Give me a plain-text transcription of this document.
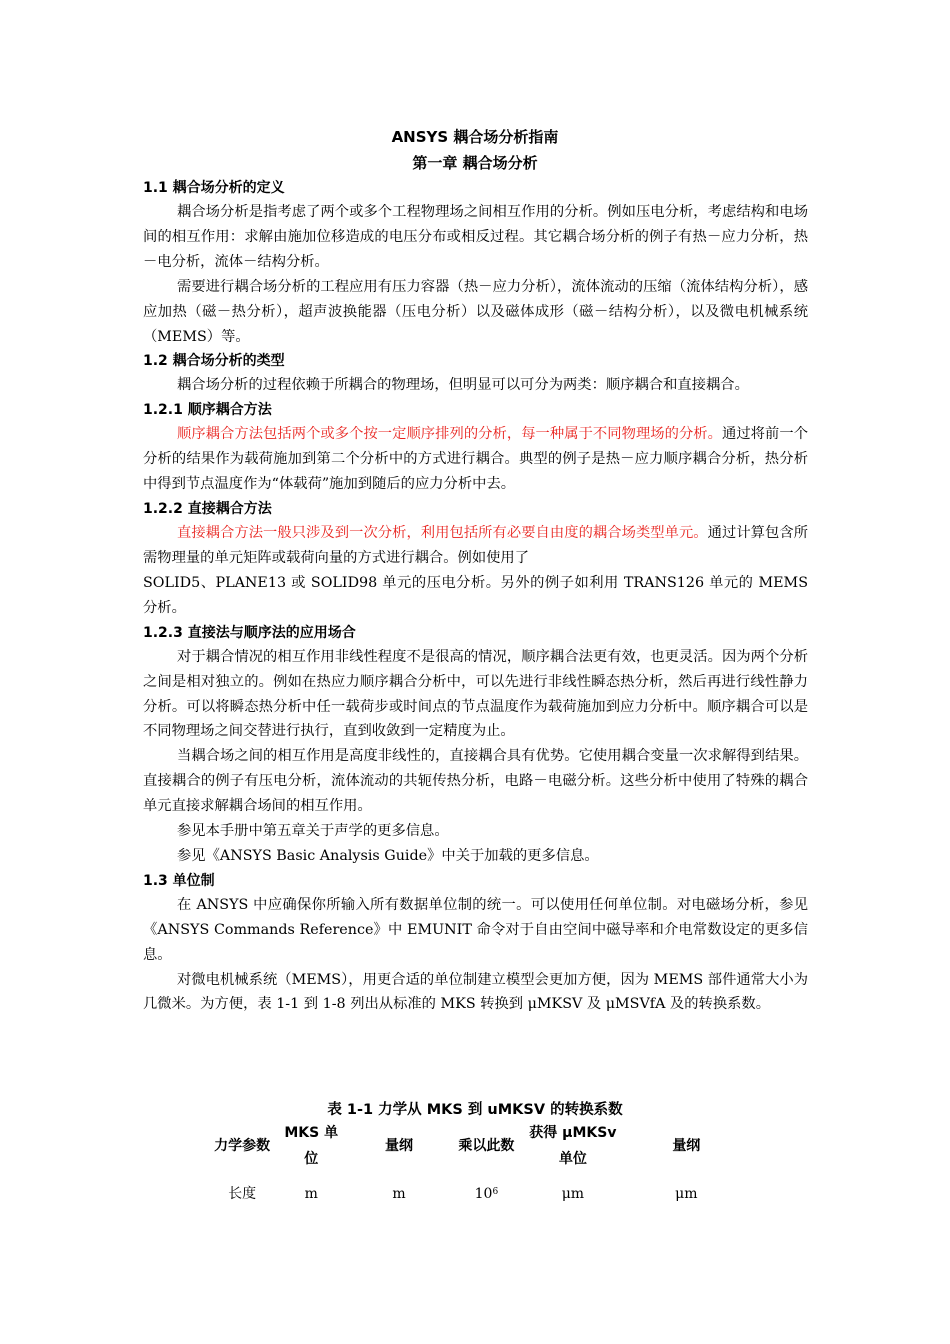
ANSYS 耦合场分析指南
第一章 耦合场分析
1.1 耦合场分析的定义

耦合场分析是指考虑了两个或多个工程物理场之间相互作用的分析。例如压电分析，考虑结构和电场间的相互作用：求解由施加位移造成的电压分布或相反过程。其它耦合场分析的例子有热－应力分析，热－电分析，流体－结构分析。

需要进行耦合场分析的工程应用有压力容器（热－应力分析），流体流动的压缩（流体结构分析），感应加热（磁－热分析），超声波换能器（压电分析）以及磁体成形（磁－结构分析），以及微电机械系统（MEMS）等。

1.2 耦合场分析的类型

耦合场分析的过程依赖于所耦合的物理场，但明显可以可分为两类：顺序耦合和直接耦合。

1.2.1 顺序耦合方法

顺序耦合方法包括两个或多个按一定顺序排列的分析，每一种属于不同物理场的分析。通过将前一个分析的结果作为载荷施加到第二个分析中的方式进行耦合。典型的例子是热－应力顺序耦合分析，热分析中得到节点温度作为“体载荷”施加到随后的应力分析中去。

1.2.2 直接耦合方法

直接耦合方法一般只涉及到一次分析，利用包括所有必要自由度的耦合场类型单元。通过计算包含所需物理量的单元矩阵或载荷向量的方式进行耦合。例如使用了

SOLID5、PLANE13 或 SOLID98 单元的压电分析。另外的例子如利用 TRANS126 单元的 MEMS 分析。

1.2.3 直接法与顺序法的应用场合

对于耦合情况的相互作用非线性程度不是很高的情况，顺序耦合法更有效，也更灵活。因为两个分析之间是相对独立的。例如在热应力顺序耦合分析中，可以先进行非线性瞬态热分析，然后再进行线性静力分析。可以将瞬态热分析中任一载荷步或时间点的节点温度作为载荷施加到应力分析中。顺序耦合可以是不同物理场之间交替进行执行，直到收敛到一定精度为止。

当耦合场之间的相互作用是高度非线性的，直接耦合具有优势。它使用耦合变量一次求解得到结果。直接耦合的例子有压电分析，流体流动的共轭传热分析，电路－电磁分析。这些分析中使用了特殊的耦合单元直接求解耦合场间的相互作用。

参见本手册中第五章关于声学的更多信息。

参见《ANSYS Basic Analysis Guide》中关于加载的更多信息。

1.3 单位制

在 ANSYS 中应确保你所输入所有数据单位制的统一。可以使用任何单位制。对电磁场分析，参见《ANSYS Commands Reference》中 EMUNIT 命令对于自由空间中磁导率和介电常数设定的更多信息。

对微电机械系统（MEMS），用更合适的单位制建立模型会更加方便，因为 MEMS 部件通常大小为几微米。为方便，表 1-1 到 1-8 列出从标准的 MKS 转换到 μMKSV 及 μMSVfA 及的转换系数。

表 1-1 力学从 MKS 到 uMKSV 的转换系数
力学参数	MKS 单位	量纲	乘以此数	获得 μMKSv 单位	量纲
长度	m	m	$10^6$	μm	μm
